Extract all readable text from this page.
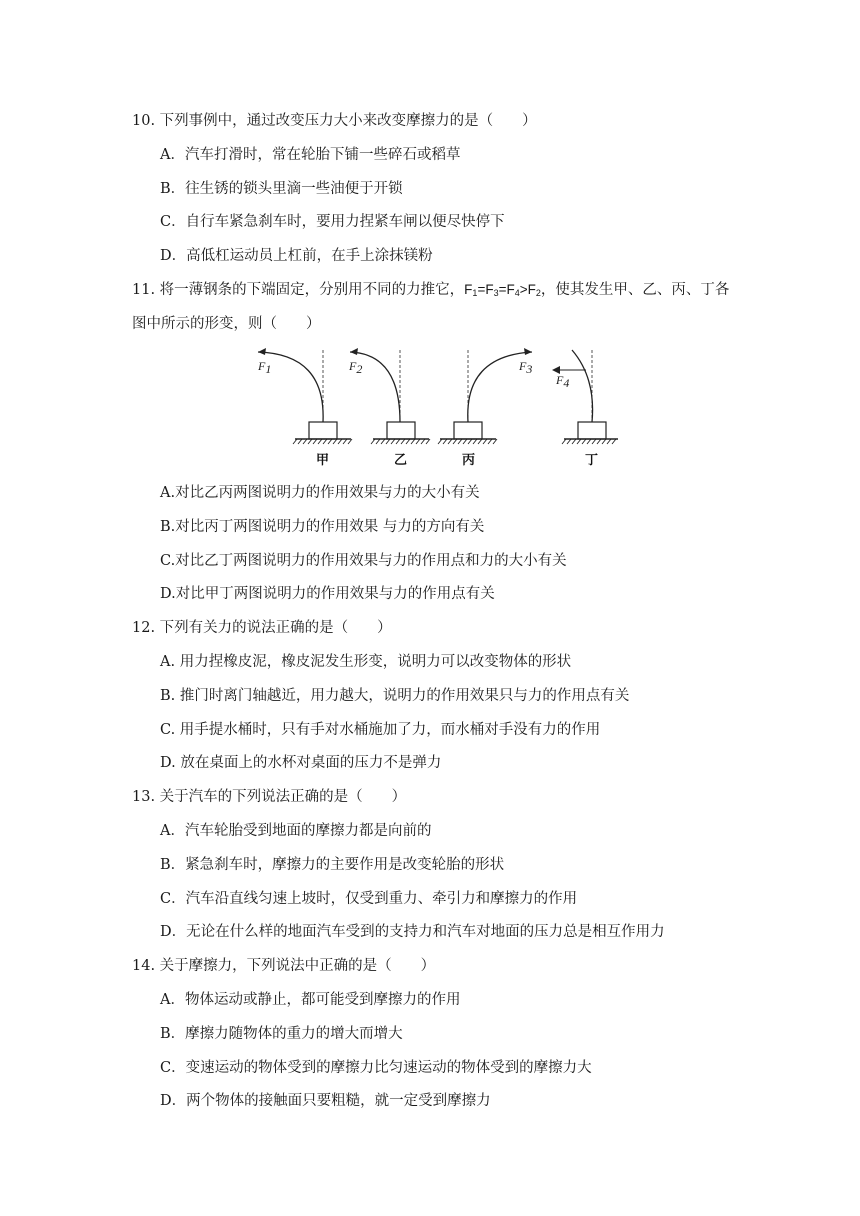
10. 下列事例中，通过改变压力大小来改变摩擦力的是（　　）
A．汽车打滑时，常在轮胎下铺一些碎石或稻草
B．往生锈的锁头里滴一些油便于开锁
C．自行车紧急刹车时，要用力捏紧车闸以便尽快停下
D．高低杠运动员上杠前，在手上涂抹镁粉
11. 将一薄钢条的下端固定，分别用不同的力推它，$F_1=F_3=F_4>F_2$，使其发生甲、乙、丙、丁各
图中所示的形变，则（　　）
F1
甲
F2
乙
F3
丙
F4
丁
A.对比乙丙两图说明力的作用效果与力的大小有关
B.对比丙丁两图说明力的作用效果 与力的方向有关
C.对比乙丁两图说明力的作用效果与力的作用点和力的大小有关
D.对比甲丁两图说明力的作用效果与力的作用点有关
12. 下列有关力的说法正确的是（　　）
A. 用力捏橡皮泥，橡皮泥发生形变，说明力可以改变物体的形状
B. 推门时离门轴越近，用力越大，说明力的作用效果只与力的作用点有关
C. 用手提水桶时，只有手对水桶施加了力，而水桶对手没有力的作用
D. 放在桌面上的水杯对桌面的压力不是弹力
13. 关于汽车的下列说法正确的是（　　）
A．汽车轮胎受到地面的摩擦力都是向前的
B．紧急刹车时，摩擦力的主要作用是改变轮胎的形状
C．汽车沿直线匀速上坡时，仅受到重力、牵引力和摩擦力的作用
D．无论在什么样的地面汽车受到的支持力和汽车对地面的压力总是相互作用力
14. 关于摩擦力，下列说法中正确的是（　　）
A．物体运动或静止，都可能受到摩擦力的作用
B．摩擦力随物体的重力的增大而增大
C．变速运动的物体受到的摩擦力比匀速运动的物体受到的摩擦力大
D．两个物体的接触面只要粗糙，就一定受到摩擦力
